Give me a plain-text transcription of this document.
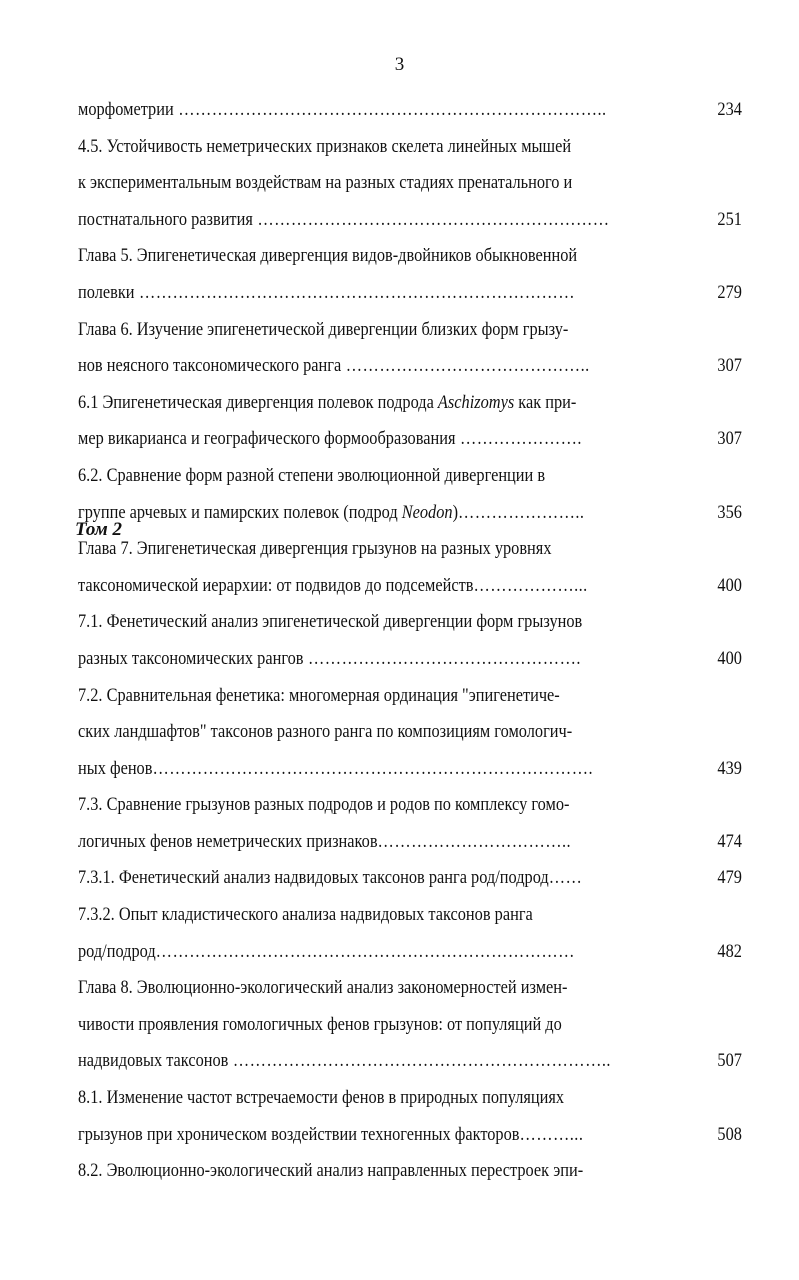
3
Том 2
морфометрии …………………………………………………………………..	234
4.5. Устойчивость неметрических признаков скелета линейных мышей
к экспериментальным воздействам на разных стадиях пренатального и
постнатального развития ………………………………………………………	251
Глава 5. Эпигенетическая дивергенция видов-двойников обыкновенной
полевки ……………………………………………………………………	279
Глава 6. Изучение эпигенетической дивергенции близких форм грызу-
нов неясного таксономического ранга ……………………………………..	307
6.1 Эпигенетическая дивергенция полевок подрода Aschizomys как при-
мер викарианса и географического формообразования ………………….	307
6.2. Сравнение форм разной степени эволюционной дивергенции в
группе арчевых и памирских полевок (подрод Neodon)…………………..	356
Глава 7. Эпигенетическая дивергенция грызунов на разных уровнях
таксономической иерархии: от подвидов до подсемейств………………...	400
7.1. Фенетический анализ эпигенетической дивергенции форм грызунов
разных таксономических рангов ………………………………………….	400
7.2. Сравнительная фенетика: многомерная ординация "эпигенетиче-
ских ландшафтов" таксонов разного ранга по композициям гомологич-
ных фенов…………………………………………………………………….	439
7.3. Сравнение грызунов разных подродов и родов по комплексу гомо-
логичных фенов неметрических признаков……………………………..	474
7.3.1. Фенетический анализ надвидовых таксонов ранга род/подрод……	479
7.3.2. Опыт кладистического анализа надвидовых таксонов ранга
род/подрод…………………………………………………………………	482
Глава 8. Эволюционно-экологический анализ закономерностей измен-
чивости проявления гомологичных фенов грызунов: от популяций до
надвидовых таксонов …………………………………………………………..	507
8.1. Изменение частот встречаемости фенов в природных популяциях
грызунов при хроническом воздействии техногенных факторов………...	508
8.2. Эволюционно-экологический анализ направленных перестроек эпи-
